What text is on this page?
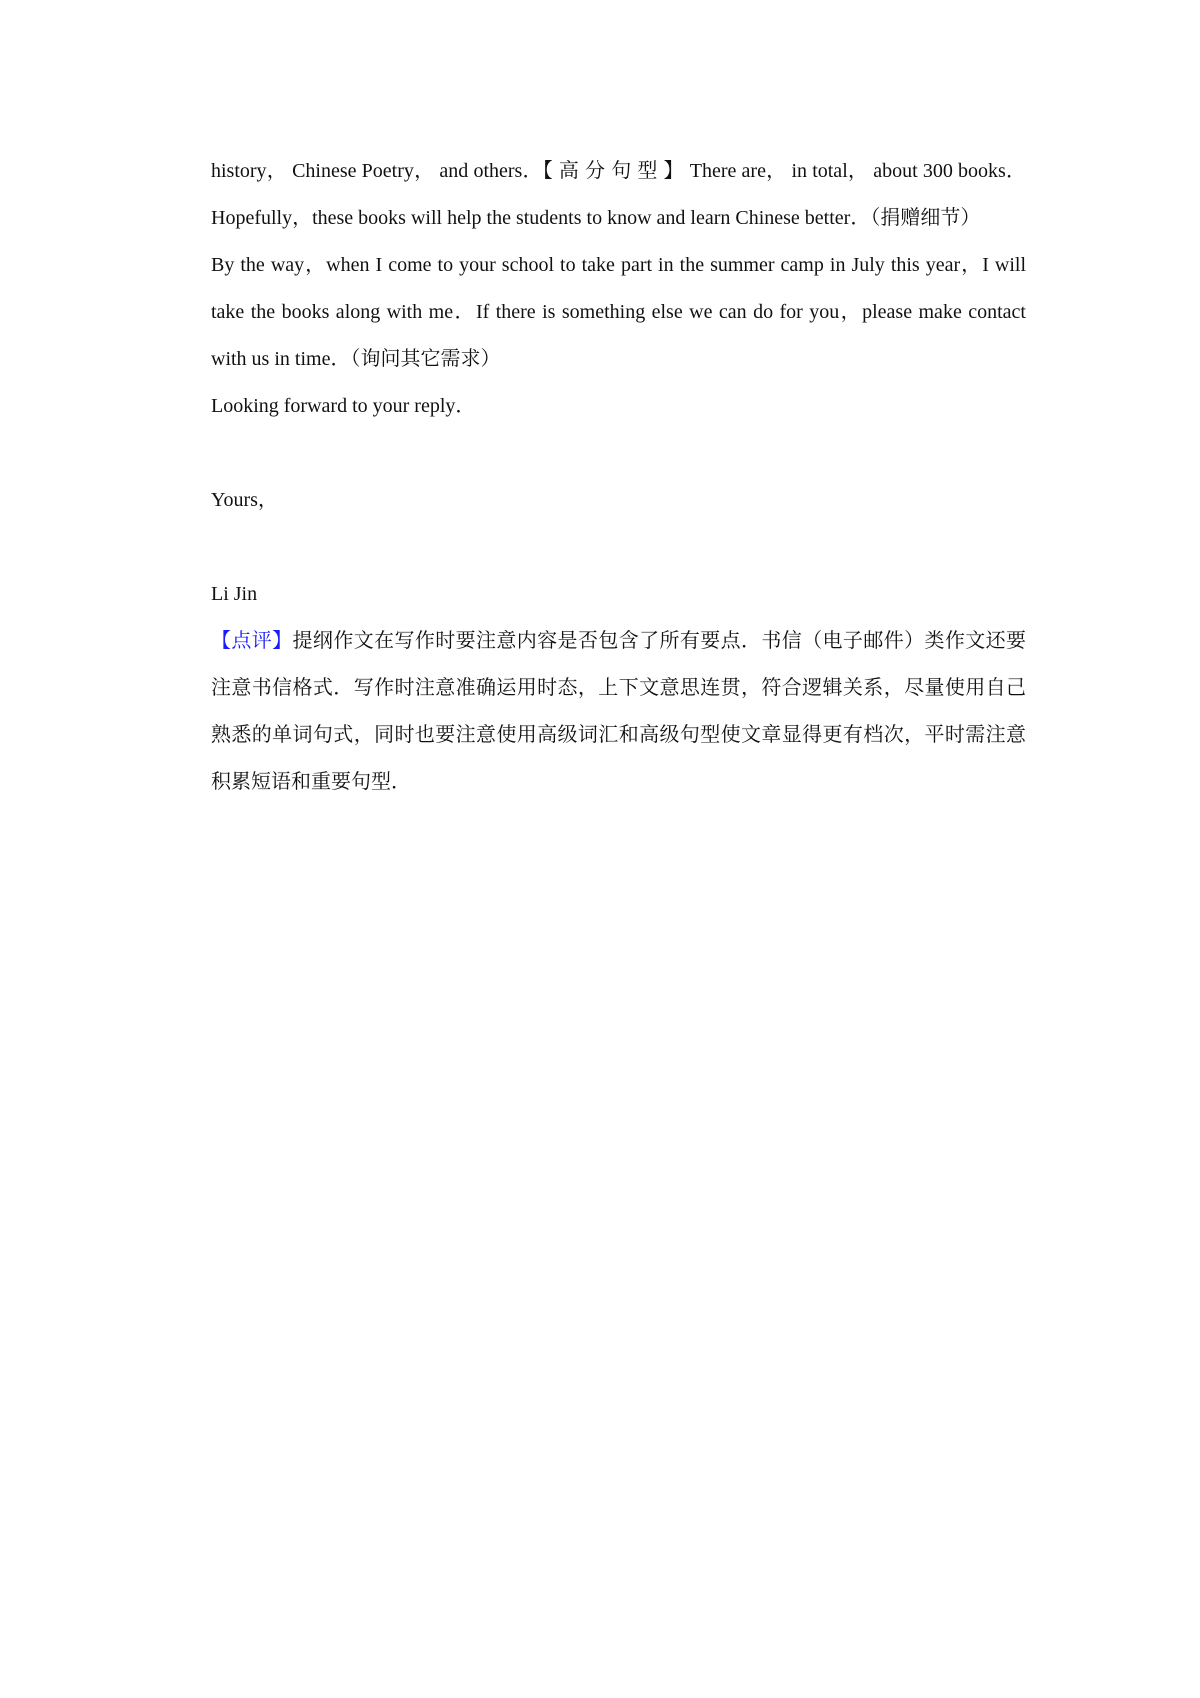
history， Chinese Poetry， and others．【高分句型】There are， in total， about 300 books．Hopefully，these books will help the students to know and learn Chinese better．（捐赠细节）

By the way，when I come to your school to take part in the summer camp in July this year，I will take the books along with me．If there is something else we can do for you，please make contact with us in time．（询问其它需求）

Looking forward to your reply．

Yours，

Li Jin

【点评】提纲作文在写作时要注意内容是否包含了所有要点．书信（电子邮件）类作文还要注意书信格式．写作时注意准确运用时态，上下文意思连贯，符合逻辑关系，尽量使用自己熟悉的单词句式，同时也要注意使用高级词汇和高级句型使文章显得更有档次，平时需注意积累短语和重要句型．
